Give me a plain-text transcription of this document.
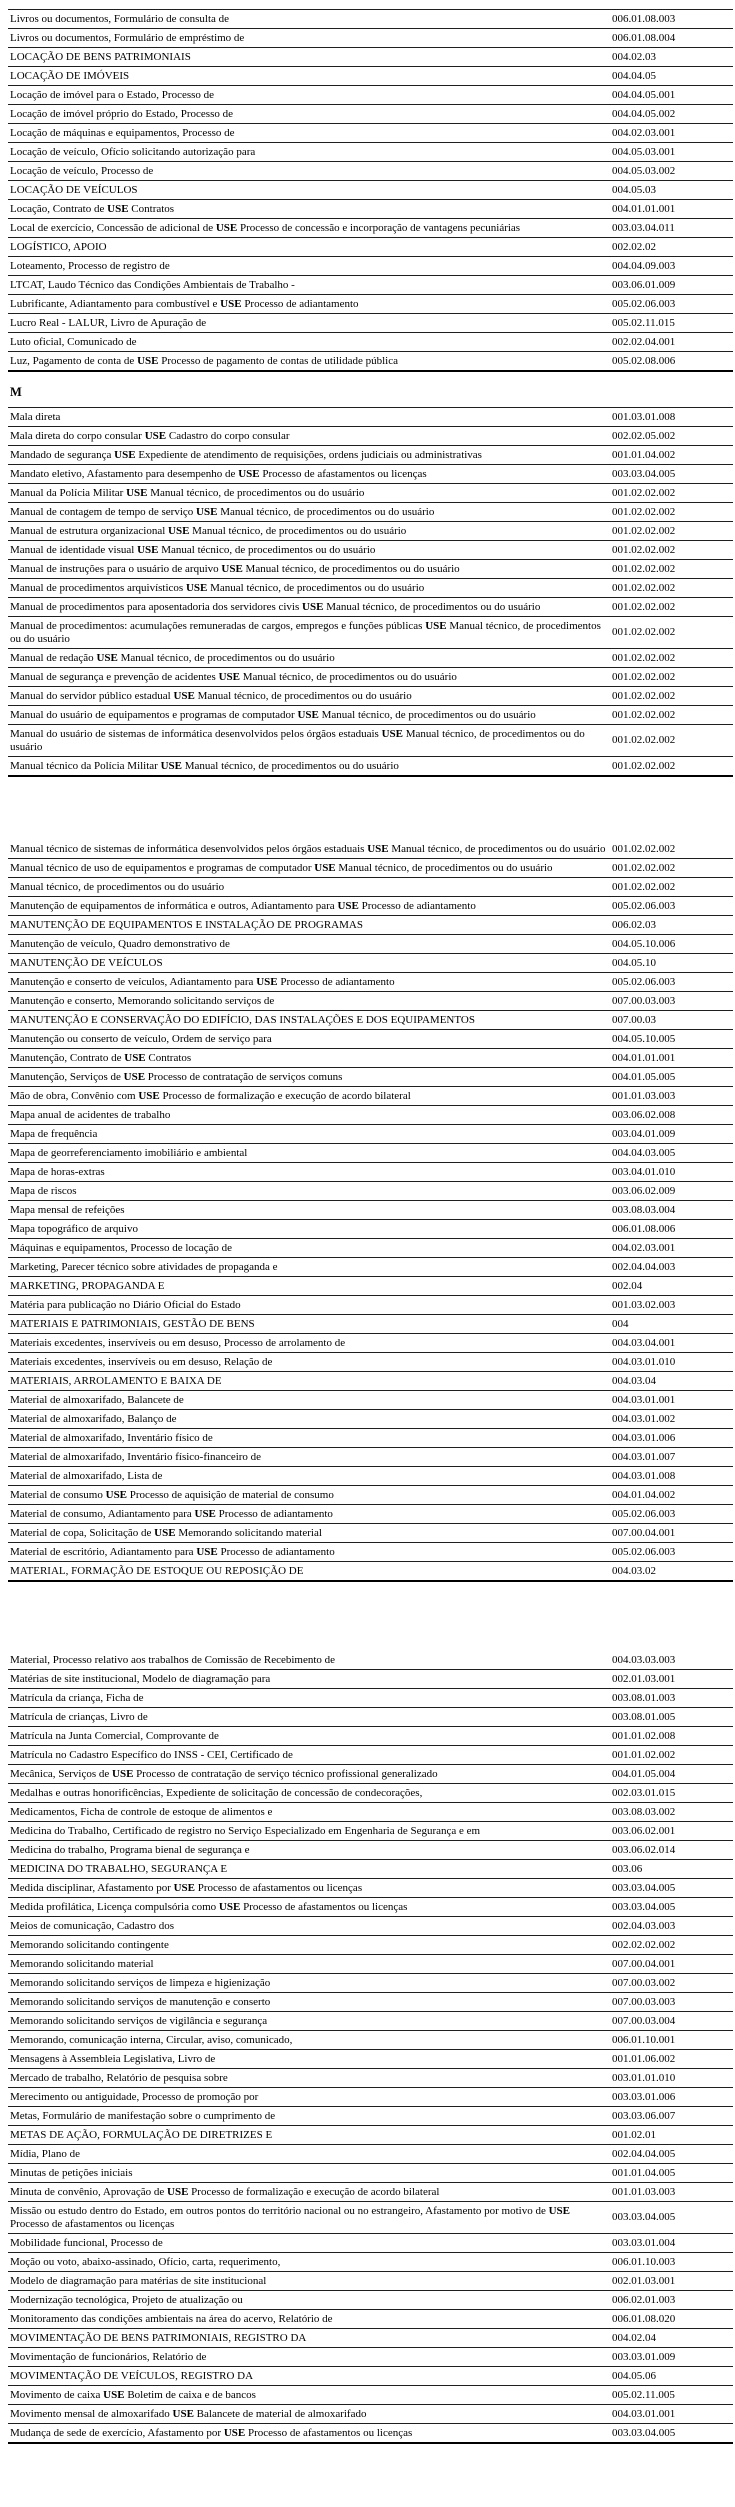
Livros ou documentos, Formulário de consulta de	006.01.08.003
Livros ou documentos, Formulário de empréstimo de	006.01.08.004
LOCAÇÃO DE BENS PATRIMONIAIS	004.02.03
LOCAÇÃO DE IMÓVEIS	004.04.05
Locação de imóvel para o Estado, Processo de	004.04.05.001
Locação de imóvel próprio do Estado, Processo de	004.04.05.002
Locação de máquinas e equipamentos, Processo de	004.02.03.001
Locação de veículo, Ofício solicitando autorização para	004.05.03.001
Locação de veículo, Processo de	004.05.03.002
LOCAÇÃO DE VEÍCULOS	004.05.03
Locação, Contrato de USE Contratos	004.01.01.001
Local de exercício, Concessão de adicional de USE Processo de concessão e incorporação de vantagens pecuniárias	003.03.04.011
LOGÍSTICO, APOIO	002.02.02
Loteamento, Processo de registro de	004.04.09.003
LTCAT, Laudo Técnico das Condições Ambientais de Trabalho -	003.06.01.009
Lubrificante, Adiantamento para combustível e USE Processo de adiantamento	005.02.06.003
Lucro Real - LALUR, Livro de Apuração de	005.02.11.015
Luto oficial, Comunicado de	002.02.04.001
Luz, Pagamento de conta de USE Processo de pagamento de contas de utilidade pública	005.02.08.006
M
Mala direta	001.03.01.008
Mala direta do corpo consular USE Cadastro do corpo consular	002.02.05.002
Mandado de segurança USE Expediente de atendimento de requisições, ordens judiciais ou administrativas	001.01.04.002
Mandato eletivo, Afastamento para desempenho de USE Processo de afastamentos ou licenças	003.03.04.005
Manual da Polícia Militar USE Manual técnico, de procedimentos ou do usuário	001.02.02.002
Manual de contagem de tempo de serviço USE Manual técnico, de procedimentos ou do usuário	001.02.02.002
Manual de estrutura organizacional USE Manual técnico, de procedimentos ou do usuário	001.02.02.002
Manual de identidade visual USE Manual técnico, de procedimentos ou do usuário	001.02.02.002
Manual de instruções para o usuário de arquivo USE Manual técnico, de procedimentos ou do usuário	001.02.02.002
Manual de procedimentos arquivísticos USE Manual técnico, de procedimentos ou do usuário	001.02.02.002
Manual de procedimentos para aposentadoria dos servidores civis USE Manual técnico, de procedimentos ou do usuário	001.02.02.002
Manual de procedimentos: acumulações remuneradas de cargos, empregos e funções públicas USE Manual técnico, de procedimentos ou do usuário	001.02.02.002
Manual de redação USE Manual técnico, de procedimentos ou do usuário	001.02.02.002
Manual de segurança e prevenção de acidentes USE Manual técnico, de procedimentos ou do usuário	001.02.02.002
Manual do servidor público estadual USE Manual técnico, de procedimentos ou do usuário	001.02.02.002
Manual do usuário de equipamentos e programas de computador USE Manual técnico, de procedimentos ou do usuário	001.02.02.002
Manual do usuário de sistemas de informática desenvolvidos pelos órgãos estaduais USE Manual técnico, de procedimentos ou do usuário	001.02.02.002
Manual técnico da Polícia Militar USE Manual técnico, de procedimentos ou do usuário	001.02.02.002
Manual técnico de sistemas de informática desenvolvidos pelos órgãos estaduais USE Manual técnico, de procedimentos ou do usuário	001.02.02.002
Manual técnico de uso de equipamentos e programas de computador USE Manual técnico, de procedimentos ou do usuário	001.02.02.002
Manual técnico, de procedimentos ou do usuário	001.02.02.002
Manutenção de equipamentos de informática e outros, Adiantamento para USE Processo de adiantamento	005.02.06.003
MANUTENÇÃO DE EQUIPAMENTOS E INSTALAÇÃO DE PROGRAMAS	006.02.03
Manutenção de veículo, Quadro demonstrativo de	004.05.10.006
MANUTENÇÃO DE VEÍCULOS	004.05.10
Manutenção e conserto de veículos, Adiantamento para USE Processo de adiantamento	005.02.06.003
Manutenção e conserto, Memorando solicitando serviços de	007.00.03.003
MANUTENÇÃO E CONSERVAÇÃO DO EDIFÍCIO, DAS INSTALAÇÕES E DOS EQUIPAMENTOS	007.00.03
Manutenção ou conserto de veículo, Ordem de serviço para	004.05.10.005
Manutenção, Contrato de USE Contratos	004.01.01.001
Manutenção, Serviços de USE Processo de contratação de serviços comuns	004.01.05.005
Mão de obra, Convênio com USE Processo de formalização e execução de acordo bilateral	001.01.03.003
Mapa anual de acidentes de trabalho	003.06.02.008
Mapa de frequência	003.04.01.009
Mapa de georreferenciamento imobiliário e ambiental	004.04.03.005
Mapa de horas-extras	003.04.01.010
Mapa de riscos	003.06.02.009
Mapa mensal de refeições	003.08.03.004
Mapa topográfico de arquivo	006.01.08.006
Máquinas e equipamentos, Processo de locação de	004.02.03.001
Marketing, Parecer técnico sobre atividades de propaganda e	002.04.04.003
MARKETING, PROPAGANDA E	002.04
Matéria para publicação no Diário Oficial do Estado	001.03.02.003
MATERIAIS E PATRIMONIAIS, GESTÃO DE BENS	004
Materiais excedentes, inservíveis ou em desuso, Processo de arrolamento de	004.03.04.001
Materiais excedentes, inservíveis ou em desuso, Relação de	004.03.01.010
MATERIAIS, ARROLAMENTO E BAIXA DE	004.03.04
Material de almoxarifado, Balancete de	004.03.01.001
Material de almoxarifado, Balanço de	004.03.01.002
Material de almoxarifado, Inventário físico de	004.03.01.006
Material de almoxarifado, Inventário físico-financeiro de	004.03.01.007
Material de almoxarifado, Lista de	004.03.01.008
Material de consumo USE Processo de aquisição de material de consumo	004.01.04.002
Material de consumo, Adiantamento para USE Processo de adiantamento	005.02.06.003
Material de copa, Solicitação de USE Memorando solicitando material	007.00.04.001
Material de escritório, Adiantamento para USE Processo de adiantamento	005.02.06.003
MATERIAL, FORMAÇÃO DE ESTOQUE OU REPOSIÇÃO DE	004.03.02
Material, Processo relativo aos trabalhos de Comissão de Recebimento de	004.03.03.003
Matérias de site institucional, Modelo de diagramação para	002.01.03.001
Matrícula da criança, Ficha de	003.08.01.003
Matrícula de crianças, Livro de	003.08.01.005
Matrícula na Junta Comercial, Comprovante de	001.01.02.008
Matrícula no Cadastro Específico do INSS - CEI, Certificado de	001.01.02.002
Mecânica, Serviços de USE Processo de contratação de serviço técnico profissional generalizado	004.01.05.004
Medalhas e outras honorificências, Expediente de solicitação de concessão de condecorações,	002.03.01.015
Medicamentos, Ficha de controle de estoque de alimentos e	003.08.03.002
Medicina do Trabalho, Certificado de registro no Serviço Especializado em Engenharia de Segurança e em	003.06.02.001
Medicina do trabalho, Programa bienal de segurança e	003.06.02.014
MEDICINA DO TRABALHO, SEGURANÇA E	003.06
Medida disciplinar, Afastamento por USE Processo de afastamentos ou licenças	003.03.04.005
Medida profilática, Licença compulsória como USE Processo de afastamentos ou licenças	003.03.04.005
Meios de comunicação, Cadastro dos	002.04.03.003
Memorando solicitando contingente	002.02.02.002
Memorando solicitando material	007.00.04.001
Memorando solicitando serviços de limpeza e higienização	007.00.03.002
Memorando solicitando serviços de manutenção e conserto	007.00.03.003
Memorando solicitando serviços de vigilância e segurança	007.00.03.004
Memorando, comunicação interna, Circular, aviso, comunicado,	006.01.10.001
Mensagens à Assembleia Legislativa, Livro de	001.01.06.002
Mercado de trabalho, Relatório de pesquisa sobre	003.01.01.010
Merecimento ou antiguidade, Processo de promoção por	003.03.01.006
Metas, Formulário de manifestação sobre o cumprimento de	003.03.06.007
METAS DE AÇÃO, FORMULAÇÃO DE DIRETRIZES E	001.02.01
Mídia, Plano de	002.04.04.005
Minutas de petições iniciais	001.01.04.005
Minuta de convênio, Aprovação de USE Processo de formalização e execução de acordo bilateral	001.01.03.003
Missão ou estudo dentro do Estado, em outros pontos do território nacional ou no estrangeiro, Afastamento por motivo de USE Processo de afastamentos ou licenças	003.03.04.005
Mobilidade funcional, Processo de	003.03.01.004
Moção ou voto, abaixo-assinado, Ofício, carta, requerimento,	006.01.10.003
Modelo de diagramação para matérias de site institucional	002.01.03.001
Modernização tecnológica, Projeto de atualização ou	006.02.01.003
Monitoramento das condições ambientais na área do acervo, Relatório de	006.01.08.020
MOVIMENTAÇÃO DE BENS PATRIMONIAIS, REGISTRO DA	004.02.04
Movimentação de funcionários, Relatório de	003.03.01.009
MOVIMENTAÇÃO DE VEÍCULOS, REGISTRO DA	004.05.06
Movimento de caixa USE Boletim de caixa e de bancos	005.02.11.005
Movimento mensal de almoxarifado USE Balancete de material de almoxarifado	004.03.01.001
Mudança de sede de exercício, Afastamento por USE Processo de afastamentos ou licenças	003.03.04.005
